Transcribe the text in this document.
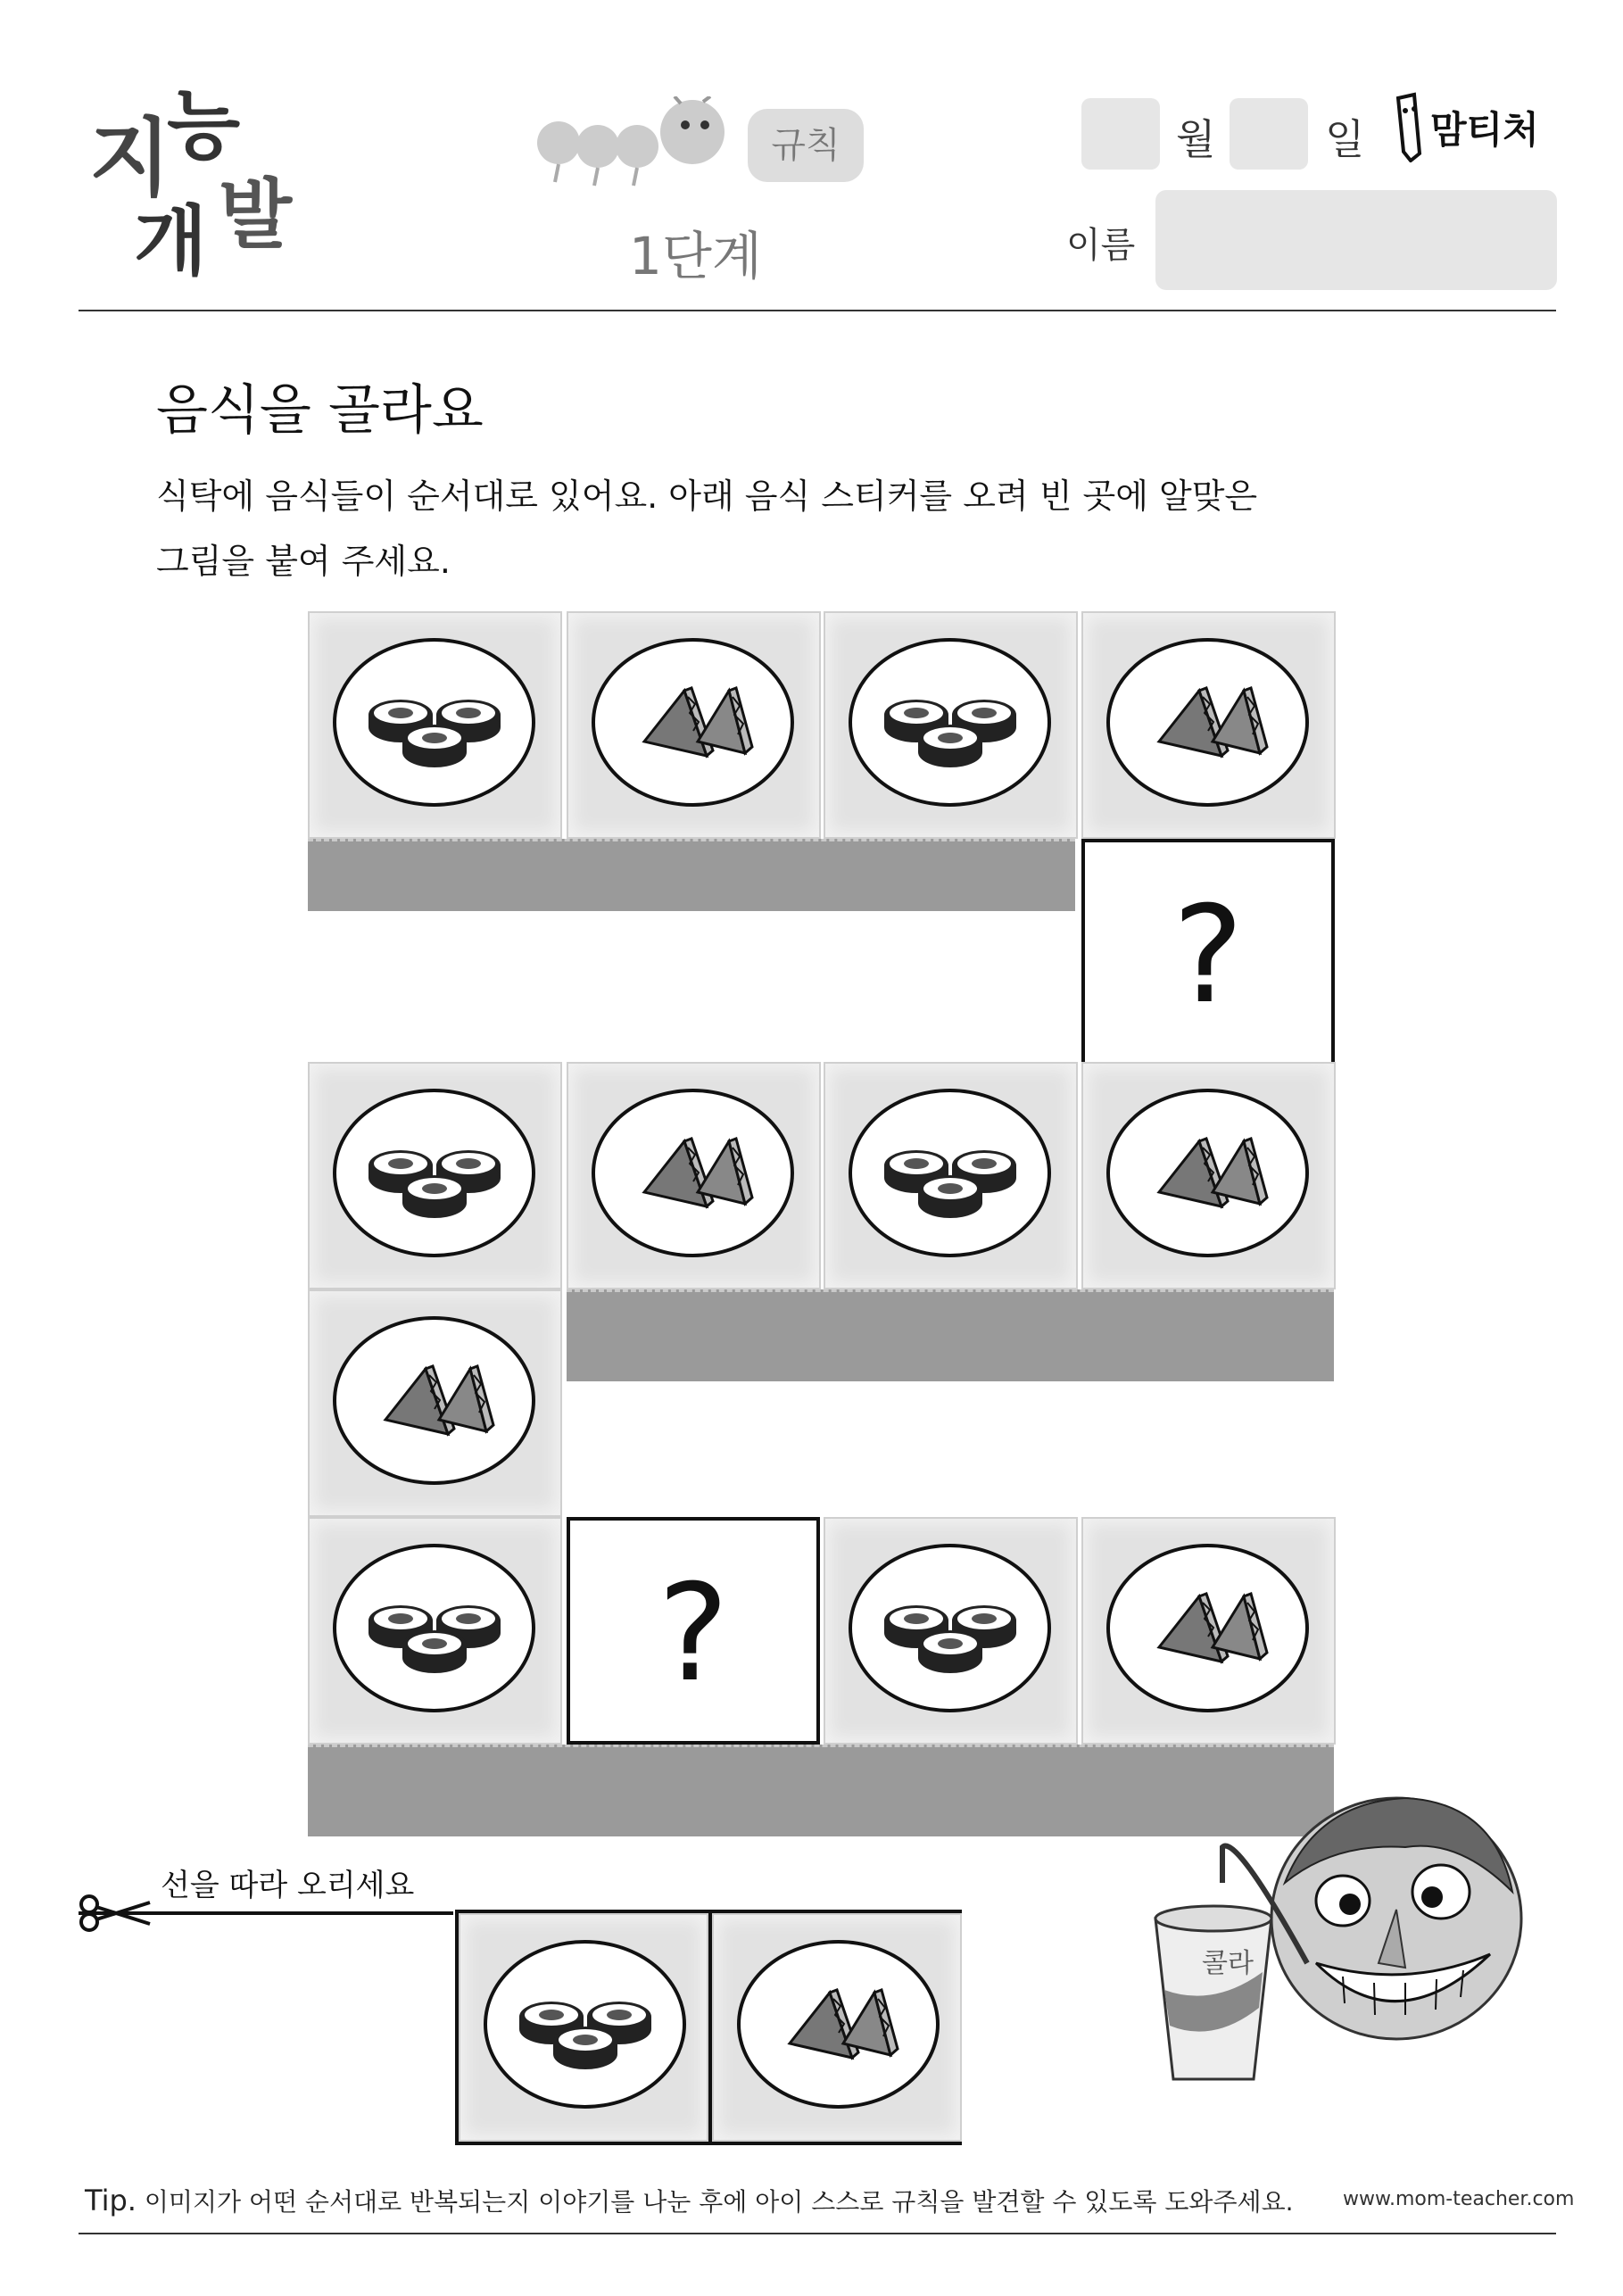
지
능
개 발
규칙
1단계
월	일 맘티처
이름
음식을 골라요
식탁에 음식들이 순서대로 있어요. 아래 음식 스티커를 오려 빈 곳에 알맞은
그림을 붙여 주세요.
?
?
선을 따라 오리세요
콜라
Tip. 이미지가 어떤 순서대로 반복되는지 이야기를 나눈 후에 아이 스스로 규칙을 발견할 수 있도록 도와주세요.	www.mom-teacher.com
